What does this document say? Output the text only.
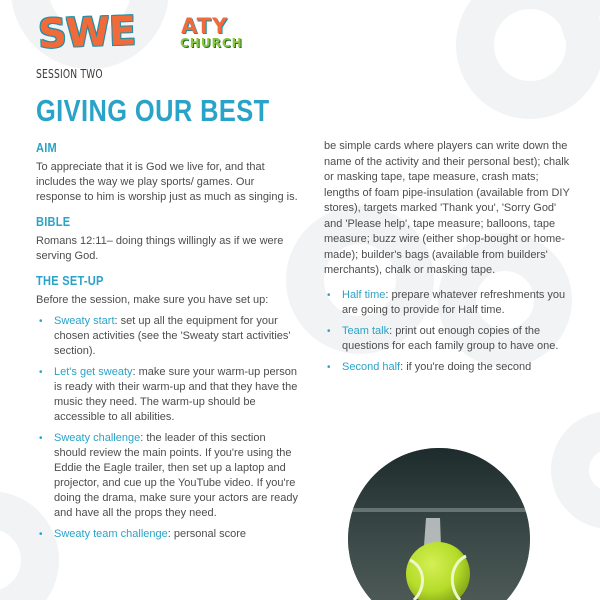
SWE ATY
CHURCH
SESSION TWO
GIVING OUR BEST
AIM

To appreciate that it is God we live for, and that includes the way we play sports/ games. Our response to him is worship just as much as singing is.

BIBLE

Romans 12:11– doing things willingly as if we were serving God.

THE SET-UP

Before the session, make sure you have set up:

• Sweaty start: set up all the equipment for your chosen activities (see the 'Sweaty start activities' section).
• Let's get sweaty: make sure your warm-up person is ready with their warm-up and that they have the music they need. The warm-up should be accessible to all abilities.
• Sweaty challenge: the leader of this section should review the main points. If you're using the Eddie the Eagle trailer, then set up a laptop and projector, and cue up the YouTube video. If you're doing the drama, make sure your actors are ready and have all the props they need.
• Sweaty team challenge: personal score

be simple cards where players can write down the name of the activity and their personal best); chalk or masking tape, tape measure, crash mats; lengths of foam pipe-insulation (available from DIY stores), targets marked 'Thank you', 'Sorry God' and 'Please help', tape measure; balloons, tape measure; buzz wire (either shop-bought or home-made); builder's bags (available from builders' merchants), chalk or masking tape.

• Half time: prepare whatever refreshments you are going to provide for Half time.
• Team talk: print out enough copies of the questions for each family group to have one.
• Second half: if you're doing the second
